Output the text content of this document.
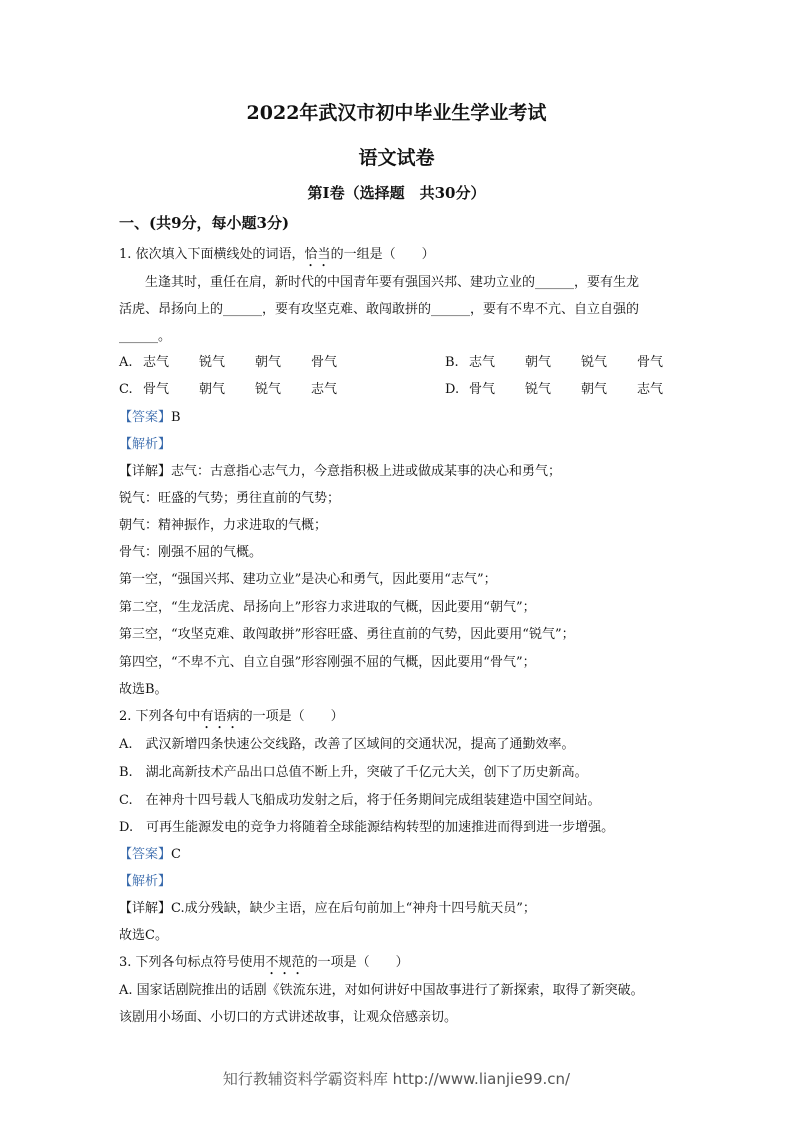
2022年武汉市初中毕业生学业考试
语文试卷
第Ⅰ卷（选择题　共30分）
一、(共9分，每小题3分)
1. 依次填入下面横线处的词语，恰当的一组是（　　）
生逢其时，重任在肩，新时代的中国青年要有强国兴邦、建功立业的______，要有生龙
活虎、昂扬向上的______，要有攻坚克难、敢闯敢拼的______，要有不卑不亢、自立自强的
______。
A. 志气 锐气 朝气 骨气	B. 志气 朝气 锐气 骨气
C. 骨气 朝气 锐气 志气	D. 骨气 锐气 朝气 志气
【答案】B
【解析】
【详解】志气：古意指心志气力，今意指积极上进或做成某事的决心和勇气；
锐气：旺盛的气势；勇往直前的气势；
朝气：精神振作，力求进取的气概；
骨气：刚强不屈的气概。
第一空，“强国兴邦、建功立业”是决心和勇气，因此要用“志气”；
第二空，“生龙活虎、昂扬向上”形容力求进取的气概，因此要用“朝气”；
第三空，“攻坚克难、敢闯敢拼”形容旺盛、勇往直前的气势，因此要用“锐气”；
第四空，“不卑不亢、自立自强”形容刚强不屈的气概，因此要用“骨气”；
故选B。
2. 下列各句中有语病的一项是（　　）
A.　武汉新增四条快速公交线路，改善了区域间的交通状况，提高了通勤效率。
B.　湖北高新技术产品出口总值不断上升，突破了千亿元大关，创下了历史新高。
C.　在神舟十四号载人飞船成功发射之后，将于任务期间完成组装建造中国空间站。
D.　可再生能源发电的竞争力将随着全球能源结构转型的加速推进而得到进一步增强。
【答案】C
【解析】
【详解】C.成分残缺，缺少主语，应在后句前加上“神舟十四号航天员”；
故选C。
3. 下列各句标点符号使用不规范的一项是（　　）
A. 国家话剧院推出的话剧《铁流东进，对如何讲好中国故事进行了新探索，取得了新突破。
该剧用小场面、小切口的方式讲述故事，让观众倍感亲切。
知行教辅资料学霸资料库 http://www.lianjie99.cn/
